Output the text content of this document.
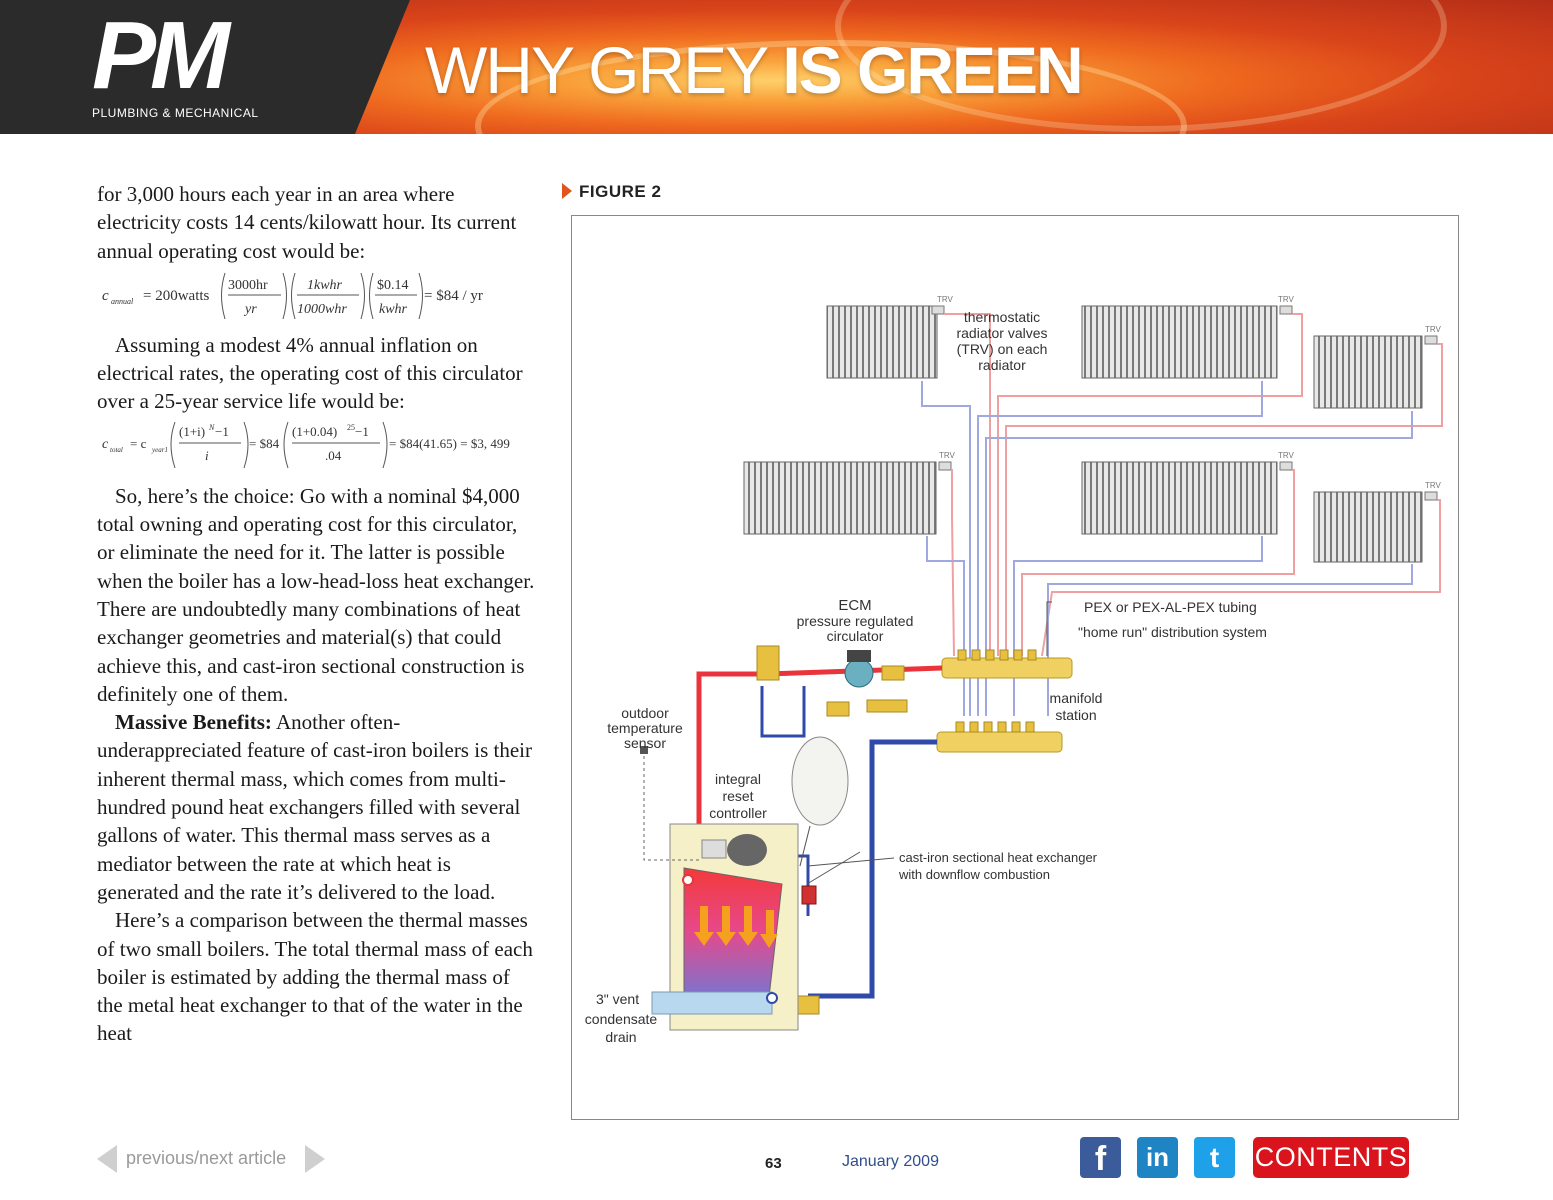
PM
PLUMBING & MECHANICAL
WHY GREY IS GREEN

for 3,000 hours each year in an area where electricity costs 14 cents/kilowatt hour. Its current annual operating cost would be:

c annual = 200watts
3000hr
yr
1kwhr
1000whr
$0.14
kwhr
= $84 / yr

Assuming a modest 4% annual inflation on electrical rates, the operating cost of this circulator over a 25-year service life would be:

c total = c year1
(1+i) N −1
i
= $84
(1+0.04) 25 −1
.04
= $84(41.65) = $3, 499

So, here’s the choice: Go with a nominal $4,000 total owning and operating cost for this circulator, or eliminate the need for it. The latter is possible when the boiler has a low-head-loss heat exchanger. There are undoubtedly many combinations of heat exchanger geometries and material(s) that could achieve this, and cast-iron sectional construction is definitely one of them.

Massive Benefits: Another often-underappreciated feature of cast-iron boilers is their inherent thermal mass, which comes from multi-hundred pound heat exchangers filled with several gallons of water. This thermal mass serves as a mediator between the rate at which heat is generated and the rate it’s delivered to the load.

Here’s a comparison between the thermal masses of two small boilers. The total thermal mass of each boiler is estimated by adding the thermal mass of the metal heat exchanger to that of the water in the heat

FIGURE 2
TRV	TRV
TRV
TRV	TRV
TRV
thermostatic
radiator valves
(TRV) on each
radiator
ECM
pressure regulated
circulator
outdoor
temperature
sensor
integral
reset
controller
manifold
station
condensate
drain
PEX or PEX-AL-PEX tubing
"home run" distribution system
cast-iron sectional heat exchanger
with downflow combustion
3" vent
previous/next article	63	January 2009	f	in	t	CONTENTS
